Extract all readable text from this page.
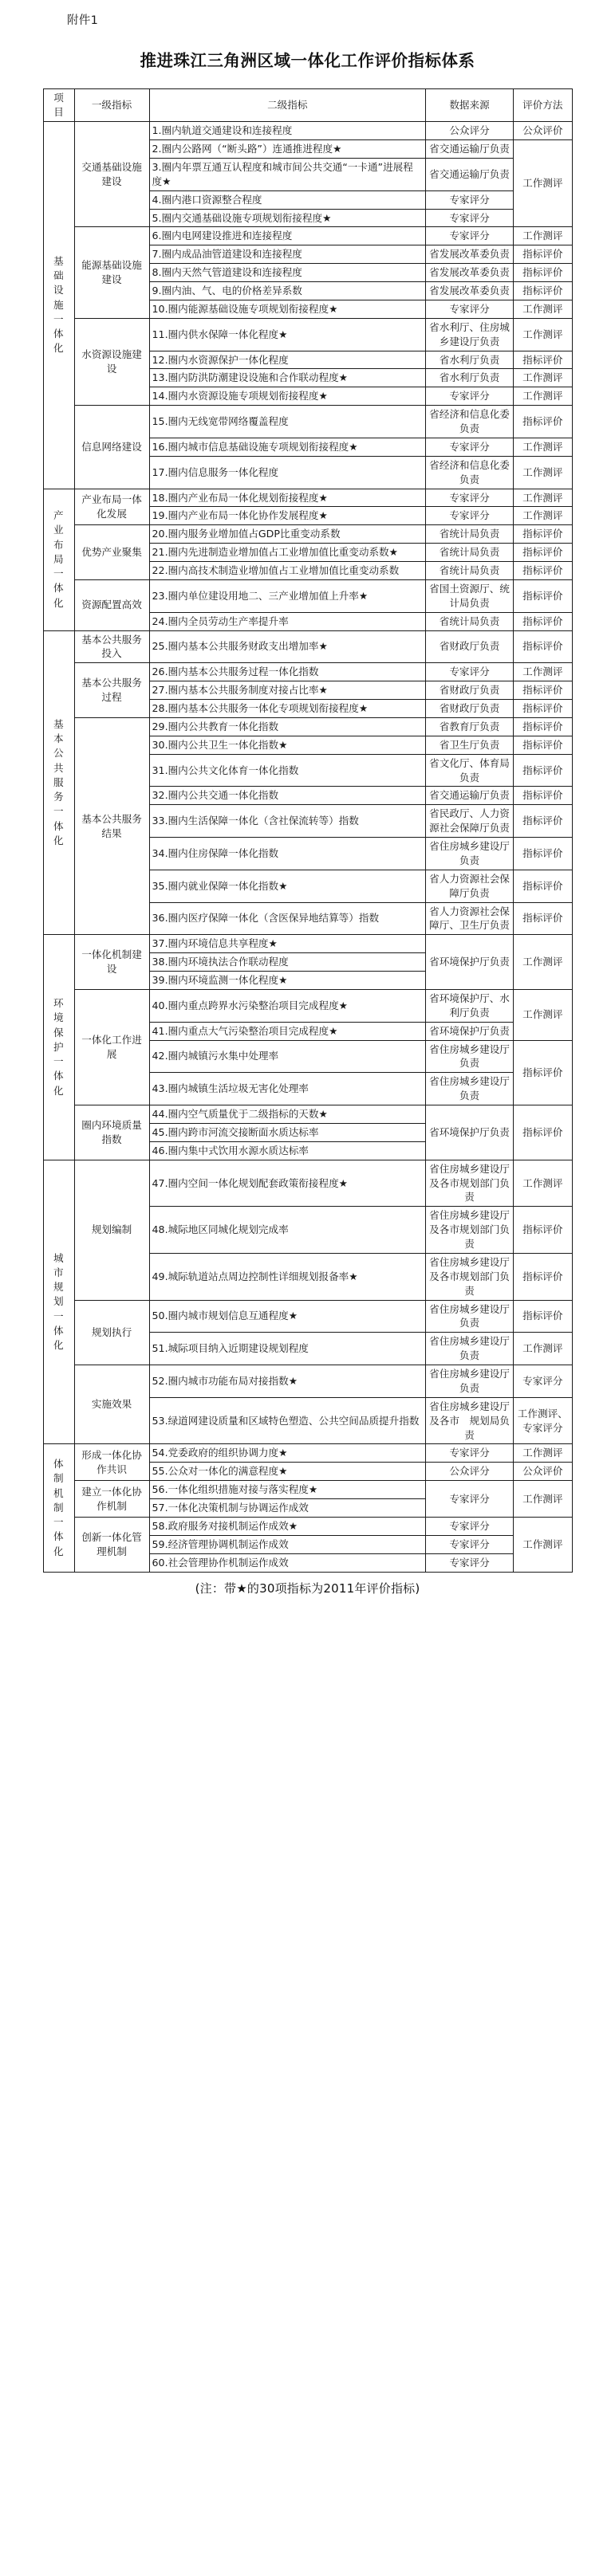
附件1
推进珠江三角洲区域一体化工作评价指标体系
项目	一级指标	二级指标	数据来源	评价方法

基础设施一体化	交通基础设施建设	1.圈内轨道交通建设和连接程度	公众评分	公众评价
		2.圈内公路网（“断头路”）连通推进程度★	省交通运输厅负责	工作测评
		3.圈内年票互通互认程度和城市间公共交通“一卡通”进展程度★	省交通运输厅负责	
		4.圈内港口资源整合程度	专家评分	
		5.圈内交通基础设施专项规划衔接程度★	专家评分	
	能源基础设施建设	6.圈内电网建设推进和连接程度	专家评分	工作测评
		7.圈内成品油管道建设和连接程度	省发展改革委负责	指标评价
		8.圈内天然气管道建设和连接程度	省发展改革委负责	指标评价
		9.圈内油、气、电的价格差异系数	省发展改革委负责	指标评价
		10.圈内能源基础设施专项规划衔接程度★	专家评分	工作测评
	水资源设施建设	11.圈内供水保障一体化程度★	省水利厅、住房城乡建设厅负责	工作测评
		12.圈内水资源保护一体化程度	省水利厅负责	指标评价
		13.圈内防洪防潮建设设施和合作联动程度★	省水利厅负责	工作测评
		14.圈内水资源设施专项规划衔接程度★	专家评分	工作测评
	信息网络建设	15.圈内无线宽带网络覆盖程度	省经济和信息化委负责	指标评价
		16.圈内城市信息基础设施专项规划衔接程度★	专家评分	工作测评
		17.圈内信息服务一体化程度	省经济和信息化委负责	工作测评

产业布局一体化	产业布局一体化发展	18.圈内产业布局一体化规划衔接程度★	专家评分	工作测评
		19.圈内产业布局一体化协作发展程度★	专家评分	工作测评
	优势产业聚集	20.圈内服务业增加值占GDP比重变动系数	省统计局负责	指标评价
		21.圈内先进制造业增加值占工业增加值比重变动系数★	省统计局负责	指标评价
		22.圈内高技术制造业增加值占工业增加值比重变动系数	省统计局负责	指标评价
	资源配置高效	23.圈内单位建设用地二、三产业增加值上升率★	省国土资源厅、统计局负责	指标评价
		24.圈内全员劳动生产率提升率	省统计局负责	指标评价

基本公共服务一体化	基本公共服务投入	25.圈内基本公共服务财政支出增加率★	省财政厅负责	指标评价
	基本公共服务过程	26.圈内基本公共服务过程一体化指数	专家评分	工作测评
		27.圈内基本公共服务制度对接占比率★	省财政厅负责	指标评价
		28.圈内基本公共服务一体化专项规划衔接程度★	省财政厅负责	指标评价
	基本公共服务结果	29.圈内公共教育一体化指数	省教育厅负责	指标评价
		30.圈内公共卫生一体化指数★	省卫生厅负责	指标评价
		31.圈内公共文化体育一体化指数	省文化厅、体育局负责	指标评价
		32.圈内公共交通一体化指数	省交通运输厅负责	指标评价
		33.圈内生活保障一体化（含社保流转等）指数	省民政厅、人力资源社会保障厅负责	指标评价
		34.圈内住房保障一体化指数	省住房城乡建设厅负责	指标评价
		35.圈内就业保障一体化指数★	省人力资源社会保障厅负责	指标评价
		36.圈内医疗保障一体化（含医保异地结算等）指数	省人力资源社会保障厅、卫生厅负责	指标评价

环境保护一体化	一体化机制建设	37.圈内环境信息共享程度★	省环境保护厅负责	工作测评
		38.圈内环境执法合作联动程度		
		39.圈内环境监测一体化程度★		
	一体化工作进展	40.圈内重点跨界水污染整治项目完成程度★	省环境保护厅、水利厅负责	工作测评
		41.圈内重点大气污染整治项目完成程度★	省环境保护厅负责	
		42.圈内城镇污水集中处理率	省住房城乡建设厅负责	指标评价
		43.圈内城镇生活垃圾无害化处理率	省住房城乡建设厅负责	
	圈内环境质量指数	44.圈内空气质量优于二级指标的天数★	省环境保护厅负责	指标评价
		45.圈内跨市河流交接断面水质达标率		
		46.圈内集中式饮用水源水质达标率		

城市规划一体化	规划编制	47.圈内空间一体化规划配套政策衔接程度★	省住房城乡建设厅及各市规划部门负责	工作测评
		48.城际地区同城化规划完成率	省住房城乡建设厅及各市规划部门负责	指标评价
		49.城际轨道站点周边控制性详细规划报备率★	省住房城乡建设厅及各市规划部门负责	指标评价
	规划执行	50.圈内城市规划信息互通程度★	省住房城乡建设厅负责	指标评价
		51.城际项目纳入近期建设规划程度	省住房城乡建设厅负责	工作测评
	实施效果	52.圈内城市功能布局对接指数★	省住房城乡建设厅负责	专家评分
		53.绿道网建设质量和区域特色塑造、公共空间品质提升指数	省住房城乡建设厅及各市　规划局负责	工作测评、专家评分

体制机制一体化	形成一体化协作共识	54.党委政府的组织协调力度★	专家评分	工作测评
		55.公众对一体化的满意程度★	公众评分	公众评价
	建立一体化协作机制	56.一体化组织措施对接与落实程度★	专家评分	工作测评
		57.一体化决策机制与协调运作成效		
	创新一体化管理机制	58.政府服务对接机制运作成效★	专家评分	工作测评
		59.经济管理协调机制运作成效	专家评分	
		60.社会管理协作机制运作成效	专家评分	
(注：带★的30项指标为2011年评价指标)
